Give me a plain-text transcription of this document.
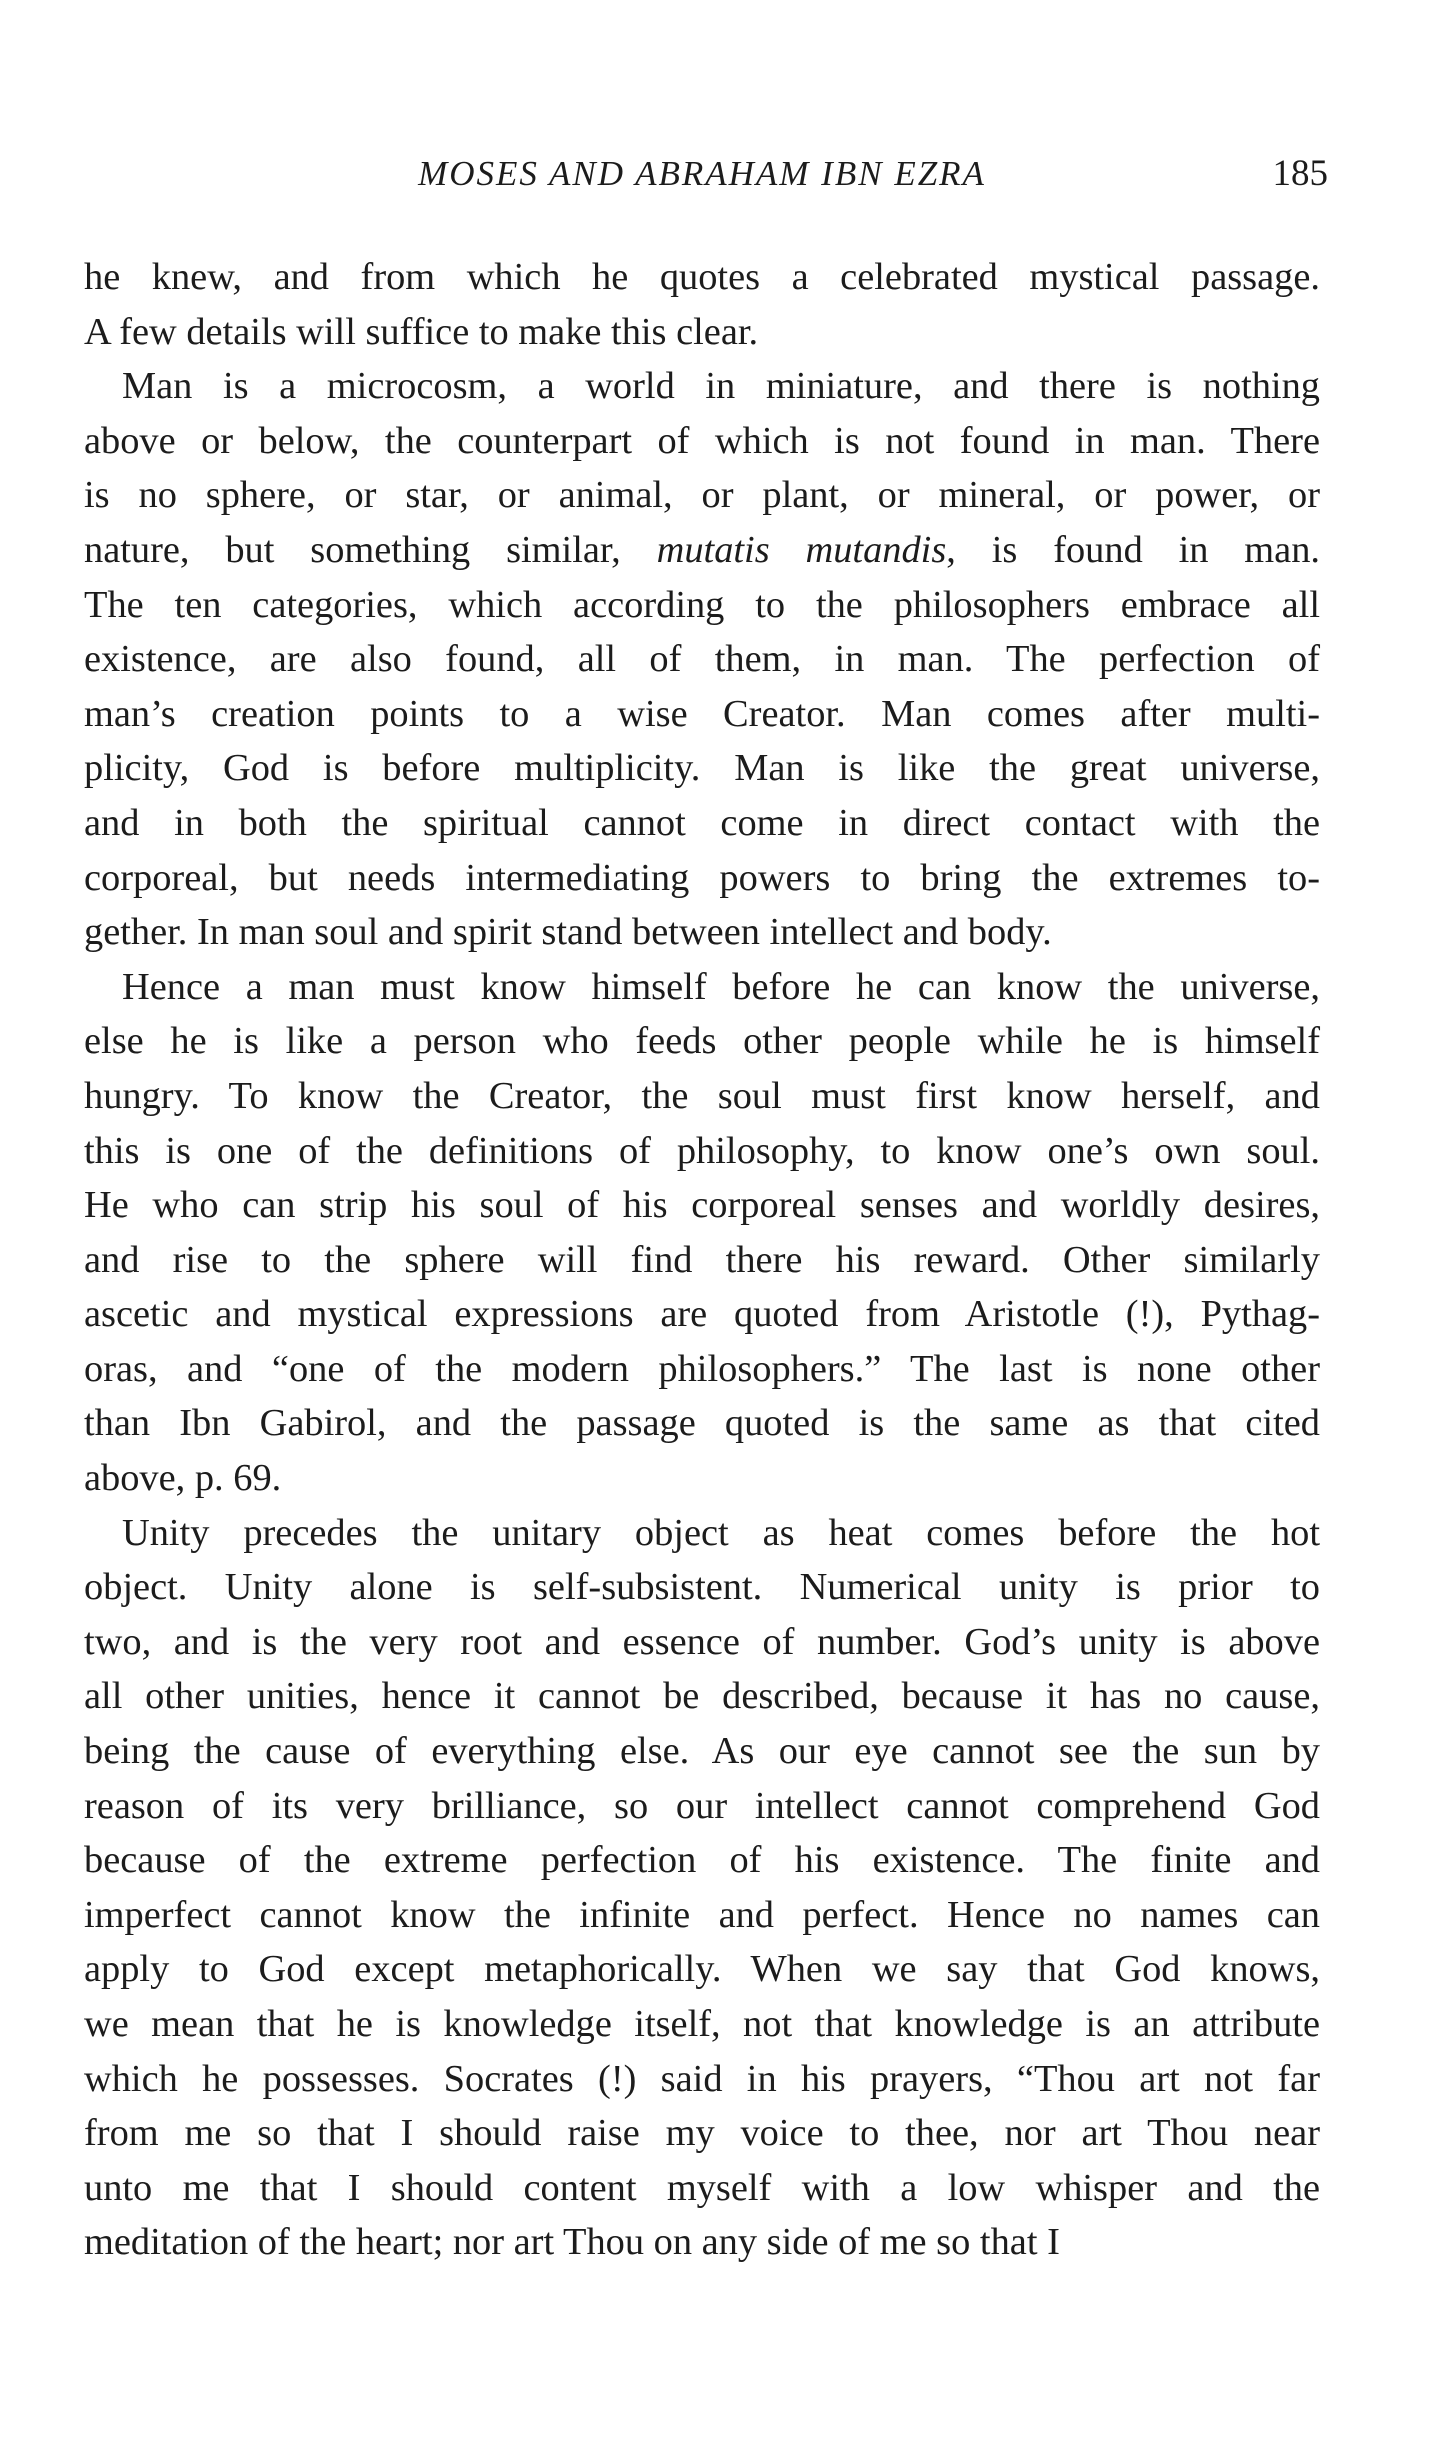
MOSES AND ABRAHAM IBN EZRA	185
he knew, and from which he quotes a celebrated mystical passage.
A few details will suffice to make this clear.
Man is a microcosm, a world in miniature, and there is nothing
above or below, the counterpart of which is not found in man. There
is no sphere, or star, or animal, or plant, or mineral, or power, or
nature, but something similar, mutatis mutandis, is found in man.
The ten categories, which according to the philosophers embrace all
existence, are also found, all of them, in man. The perfection of
man’s creation points to a wise Creator. Man comes after multi-
plicity, God is before multiplicity. Man is like the great universe,
and in both the spiritual cannot come in direct contact with the
corporeal, but needs intermediating powers to bring the extremes to-
gether. In man soul and spirit stand between intellect and body.
Hence a man must know himself before he can know the universe,
else he is like a person who feeds other people while he is himself
hungry. To know the Creator, the soul must first know herself, and
this is one of the definitions of philosophy, to know one’s own soul.
He who can strip his soul of his corporeal senses and worldly desires,
and rise to the sphere will find there his reward. Other similarly
ascetic and mystical expressions are quoted from Aristotle (!), Pythag-
oras, and “one of the modern philosophers.” The last is none other
than Ibn Gabirol, and the passage quoted is the same as that cited
above, p. 69.
Unity precedes the unitary object as heat comes before the hot
object. Unity alone is self-subsistent. Numerical unity is prior to
two, and is the very root and essence of number. God’s unity is above
all other unities, hence it cannot be described, because it has no cause,
being the cause of everything else. As our eye cannot see the sun by
reason of its very brilliance, so our intellect cannot comprehend God
because of the extreme perfection of his existence. The finite and
imperfect cannot know the infinite and perfect. Hence no names can
apply to God except metaphorically. When we say that God knows,
we mean that he is knowledge itself, not that knowledge is an attribute
which he possesses. Socrates (!) said in his prayers, “Thou art not far
from me so that I should raise my voice to thee, nor art Thou near
unto me that I should content myself with a low whisper and the
meditation of the heart; nor art Thou on any side of me so that I
